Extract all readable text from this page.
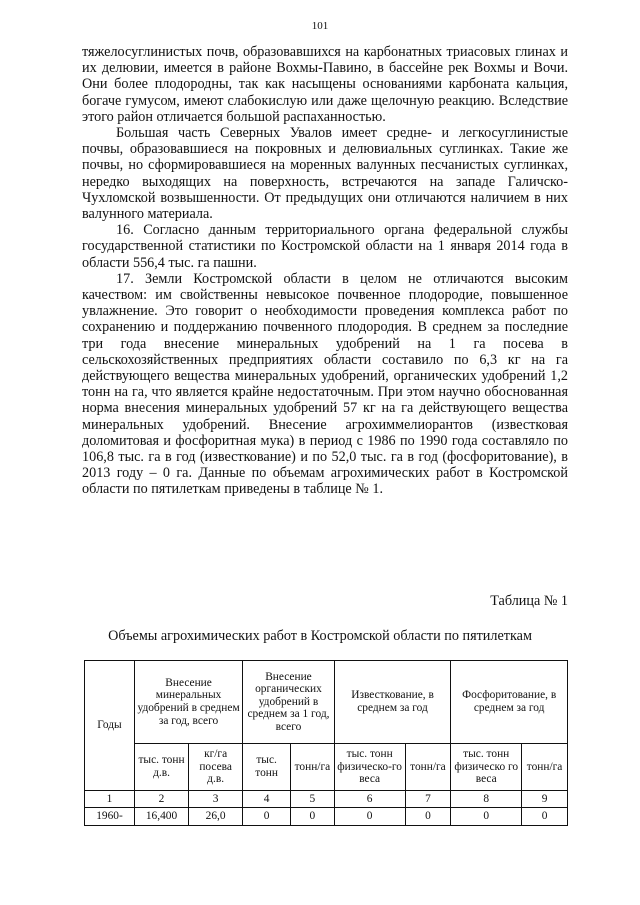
101

тяжелосуглинистых почв, образовавшихся на карбонатных триасовых глинах и их делювии, имеется в районе Вохмы-Павино, в бассейне рек Вохмы и Вочи. Они более плодородны, так как насыщены основаниями карбоната кальция, богаче гумусом, имеют слабокислую или даже щелочную реакцию. Вследствие этого район отличается большой распаханностью.

Большая часть Северных Увалов имеет средне- и легкосуглинистые почвы, образовавшиеся на покровных и делювиальных суглинках. Такие же почвы, но сформировавшиеся на моренных валунных песчанистых суглинках, нередко выходящих на поверхность, встречаются на западе Галичско-Чухломской возвышенности. От предыдущих они отличаются наличием в них валунного материала.

16. Согласно данным территориального органа федеральной службы государственной статистики по Костромской области на 1 января 2014 года в области 556,4 тыс. га пашни.

17. Земли Костромской области в целом не отличаются высоким качеством: им свойственны невысокое почвенное плодородие, повышенное увлажнение. Это говорит о необходимости проведения комплекса работ по сохранению и поддержанию почвенного плодородия. В среднем за последние три года внесение минеральных удобрений на 1 га посева в сельскохозяйственных предприятиях области составило по 6,3 кг на га действующего вещества минеральных удобрений, органических удобрений 1,2 тонн на га, что является крайне недостаточным. При этом научно обоснованная норма внесения минеральных удобрений 57 кг на га действующего вещества минеральных удобрений. Внесение агрохиммелиорантов (известковая доломитовая и фосфоритная мука) в период с 1986 по 1990 года составляло по 106,8 тыс. га в год (известкование) и по 52,0 тыс. га в год (фосфоритование), в 2013 году – 0 га. Данные по объемам агрохимических работ в Костромской области по пятилеткам приведены в таблице № 1.

Таблица № 1
Объемы агрохимических работ в Костромской области по пятилеткам
Годы	Внесение минеральных удобрений в среднем за год, всего		Внесение органических удобрений в среднем за 1 год, всего		Известкование, в среднем за год		Фосфоритование, в среднем за год	
	тыс. тонн д.в.	кг/га посева д.в.	тыс. тонн	тонн/га	тыс. тонн физическо-го веса	тонн/га	тыс. тонн физическо го веса	тонн/га
1	2	3	4	5	6	7	8	9
1960-	16,400	26,0	0	0	0	0	0	0
